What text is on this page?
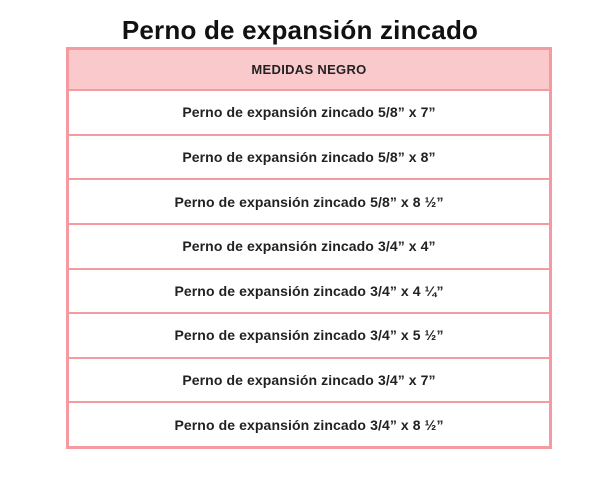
Perno de expansión zincado
MEDIDAS NEGRO
Perno de expansión zincado 5/8” x 7”
Perno de expansión zincado 5/8” x 8”
Perno de expansión zincado 5/8” x 8 ½”
Perno de expansión zincado 3/4” x 4”
Perno de expansión zincado 3/4” x 4 ¼”
Perno de expansión zincado 3/4” x 5 ½”
Perno de expansión zincado 3/4” x 7”
Perno de expansión zincado 3/4” x 8 ½”
